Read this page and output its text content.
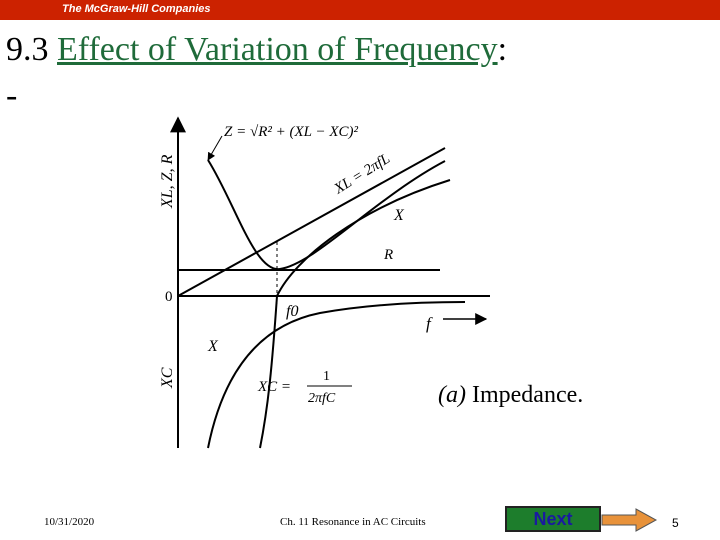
The McGraw-Hill Companies
9.3 Effect of Variation of Frequency:
-
XL, Z, R
XC
0
f
Z = √R² + (XL − XC)²
XL = 2πfL
X
R
f0
X
XC =
1
2πfC	(a) Impedance.
10/31/2020	Ch. 11 Resonance in AC Circuits	Next	5
